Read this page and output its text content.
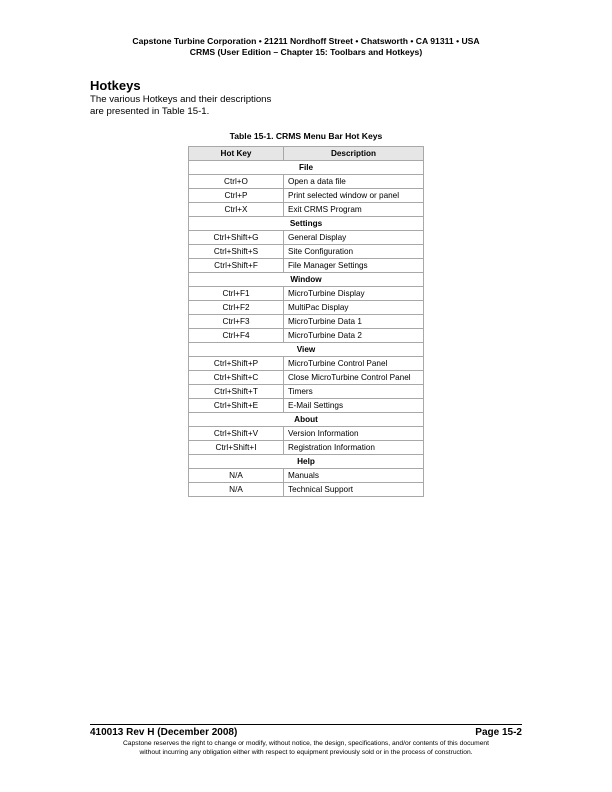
Capstone Turbine Corporation • 21211 Nordhoff Street • Chatsworth • CA 91311 • USA
CRMS (User Edition – Chapter 15: Toolbars and Hotkeys)
Hotkeys
The various Hotkeys and their descriptions
are presented in Table 15-1.
Table 15-1. CRMS Menu Bar Hot Keys
Hot Key	Description
File	
Ctrl+O	Open a data file
Ctrl+P	Print selected window or panel
Ctrl+X	Exit CRMS Program
Settings	
Ctrl+Shift+G	General Display
Ctrl+Shift+S	Site Configuration
Ctrl+Shift+F	File Manager Settings
Window	
Ctrl+F1	MicroTurbine Display
Ctrl+F2	MultiPac Display
Ctrl+F3	MicroTurbine Data 1
Ctrl+F4	MicroTurbine Data 2
View	
Ctrl+Shift+P	MicroTurbine Control Panel
Ctrl+Shift+C	Close MicroTurbine Control Panel
Ctrl+Shift+T	Timers
Ctrl+Shift+E	E-Mail Settings
About	
Ctrl+Shift+V	Version Information
Ctrl+Shift+I	Registration Information
Help	
N/A	Manuals
N/A	Technical Support
410013 Rev H (December 2008)	Page 15-2
Capstone reserves the right to change or modify, without notice, the design, specifications, and/or contents of this document
without incurring any obligation either with respect to equipment previously sold or in the process of construction.
